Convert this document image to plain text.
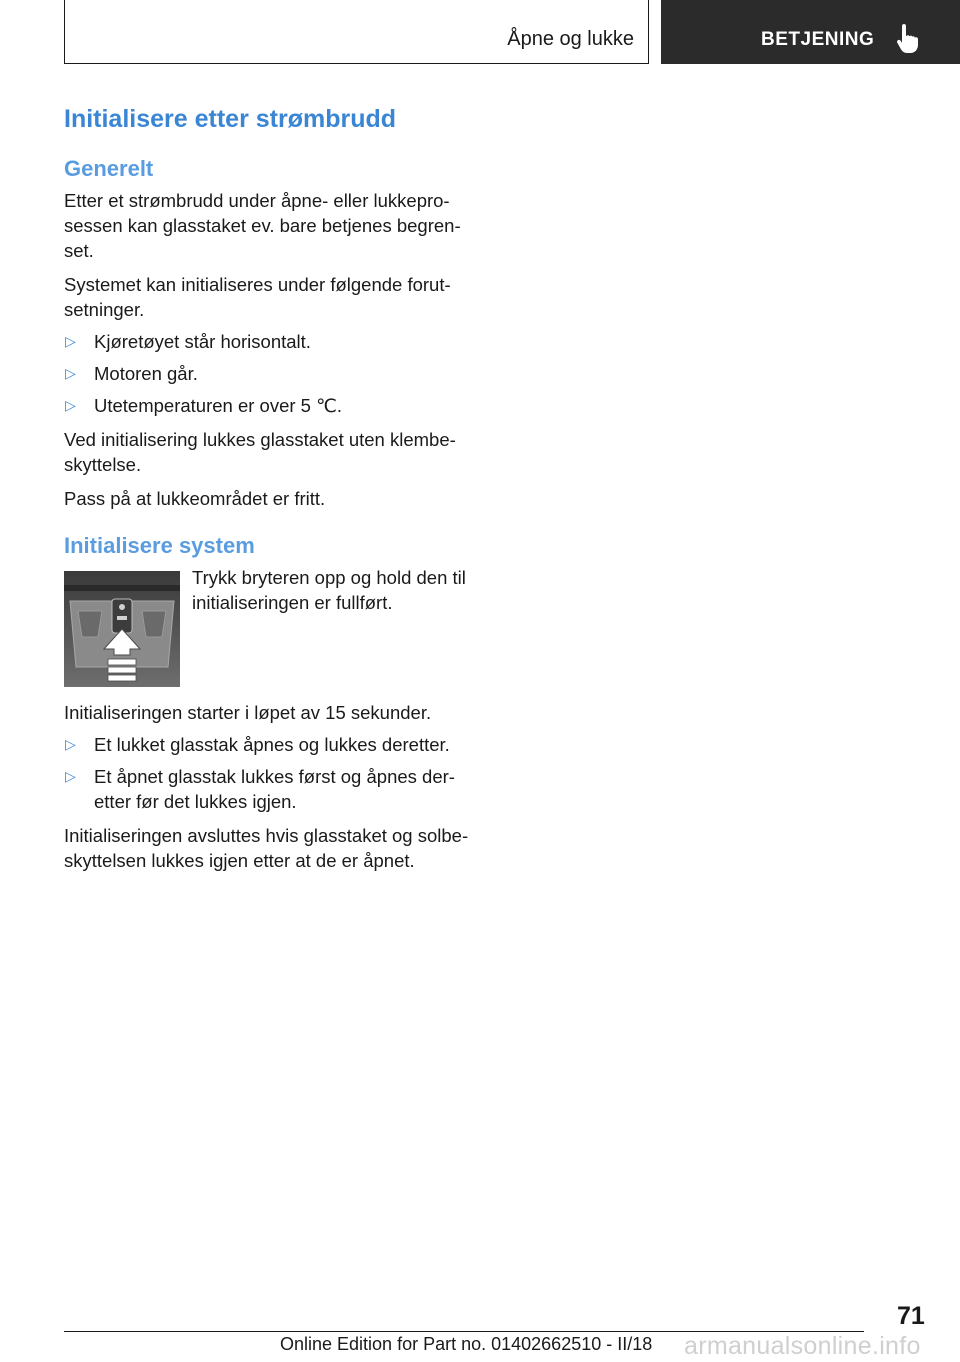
Åpne og lukke	BETJENING
Initialisere etter strømbrudd
Generelt

Etter et strømbrudd under åpne- eller lukkepro-sessen kan glasstaket ev. bare betjenes begren-set.

Systemet kan initialiseres under følgende forut-setninger.

▷ Kjøretøyet står horisontalt.
▷ Motoren går.
▷ Utetemperaturen er over 5 ℃.

Ved initialisering lukkes glasstaket uten klembe-skyttelse.

Pass på at lukkeområdet er fritt.

Initialisere system

Trykk bryteren opp og hold den til initialiseringen er fullført.

Initialiseringen starter i løpet av 15 sekunder.

▷ Et lukket glasstak åpnes og lukkes deretter.
▷ Et åpnet glasstak lukkes først og åpnes der-etter før det lukkes igjen.

Initialiseringen avsluttes hvis glasstaket og solbe-skyttelsen lukkes igjen etter at de er åpnet.

71
Online Edition for Part no. 01402662510 - II/18 armanualsonline.info
